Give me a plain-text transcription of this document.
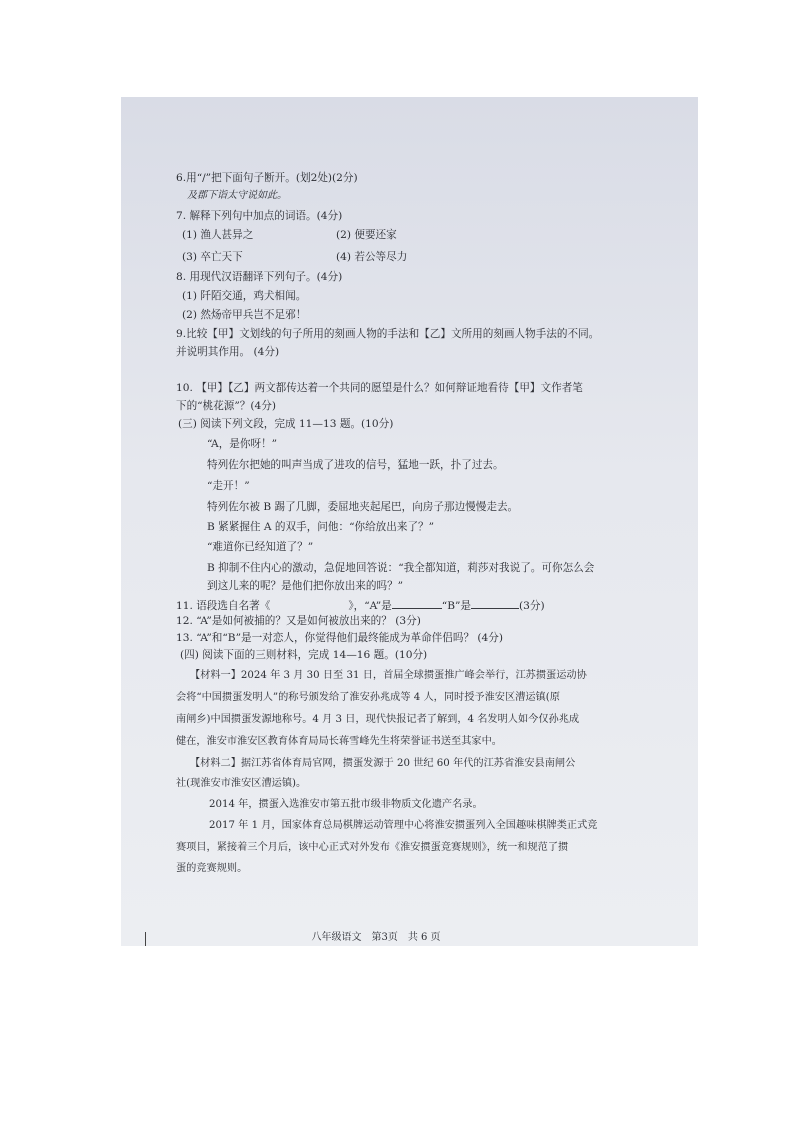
6.用“/”把下面句子断开。(划2处)(2分)
及郡下诣太守说如此。
7. 解释下列句中加点的词语。(4分)
(1) 渔人甚异之	(2) 便要还家
(3) 卒亡天下	(4) 若公等尽力
8. 用现代汉语翻译下列句子。(4分)
(1) 阡陌交通，鸡犬相闻。
(2) 然炀帝甲兵岂不足邪！
9.比较【甲】文划线的句子所用的刻画人物的手法和【乙】文所用的刻画人物手法的不同。
并说明其作用。 (4分)
10. 【甲】【乙】两文都传达着一个共同的愿望是什么？如何辩证地看待【甲】文作者笔
下的“桃花源”？(4分)
(三) 阅读下列文段，完成 11—13 题。(10分)
“A，是你呀！”
特列佐尔把她的叫声当成了进攻的信号，猛地一跃，扑了过去。
“走开！”
特列佐尔被 B 踢了几脚，委屈地夹起尾巴，向房子那边慢慢走去。
B 紧紧握住 A 的双手，问他：“你给放出来了？”
“难道你已经知道了？”
B 抑制不住内心的激动，急促地回答说：“我全都知道，莉莎对我说了。可你怎么会
到这儿来的呢？是他们把你放出来的吗？”
11. 语段选自名著《	》，“A”是	“B”是	(3分)
12. “A”是如何被捕的？又是如何被放出来的？ (3分)
13. “A”和“B”是一对恋人，你觉得他们最终能成为革命伴侣吗？ (4分)
(四) 阅读下面的三则材料，完成 14—16 题。(10分)
【材料一】2024 年 3 月 30 日至 31 日，首届全球掼蛋推广峰会举行，江苏掼蛋运动协
会将“中国掼蛋发明人”的称号颁发给了淮安孙兆成等 4 人，同时授予淮安区漕运镇(原
南闸乡)中国掼蛋发源地称号。4 月 3 日，现代快报记者了解到，4 名发明人如今仅孙兆成
健在，淮安市淮安区教育体育局局长蒋雪峰先生将荣誉证书送至其家中。
【材料二】据江苏省体育局官网，掼蛋发源于 20 世纪 60 年代的江苏省淮安县南闸公
社(现淮安市淮安区漕运镇)。
2014 年，掼蛋入选淮安市第五批市级非物质文化遗产名录。
2017 年 1 月，国家体育总局棋牌运动管理中心将淮安掼蛋列入全国趣味棋牌类正式竞
赛项目，紧接着三个月后，该中心正式对外发布《淮安掼蛋竞赛规则》，统一和规范了掼
蛋的竞赛规则。
八年级语文　第3页　共 6 页
